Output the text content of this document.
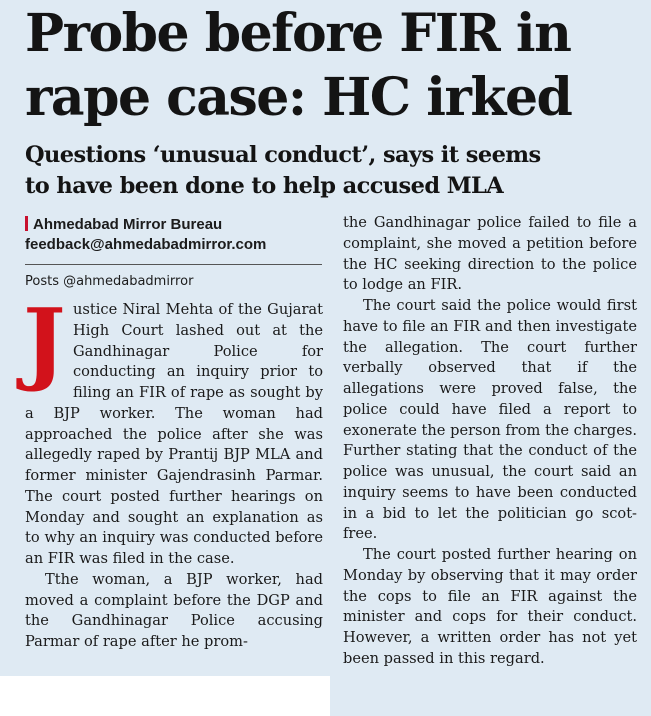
Probe before FIR in
rape case: HC irked
Questions ‘unusual conduct’, says it seems
to have been done to help accused MLA
Ahmedabad Mirror Bureau
feedback@ahmedabadmirror.com
Posts @ahmedabadmirror

Justice Niral Mehta of the Gujarat High Court lashed out at the Gandhinagar Police for conducting an inquiry prior to filing an FIR of rape as sought by a BJP worker. The woman had approached the police after she was allegedly raped by Prantij BJP MLA and former minister Gajendrasinh Parmar. The court posted further hearings on Monday and sought an explanation as to why an inquiry was conducted before an FIR was filed in the case.

Tthe woman, a BJP worker, had moved a complaint before the DGP and the Gandhinagar Police accusing Parmar of rape after he prom-

the Gandhinagar police failed to file a complaint, she moved a petition before the HC seeking direction to the police to lodge an FIR.

The court said the police would first have to file an FIR and then investigate the allegation. The court further verbally observed that if the allegations were proved false, the police could have filed a report to exonerate the person from the charges. Further stating that the conduct of the police was unusual, the court said an inquiry seems to have been conducted in a bid to let the politician go scot-free.

The court posted further hearing on Monday by observing that it may order the cops to file an FIR against the minister and cops for their conduct. However, a written order has not yet been passed in this regard.
